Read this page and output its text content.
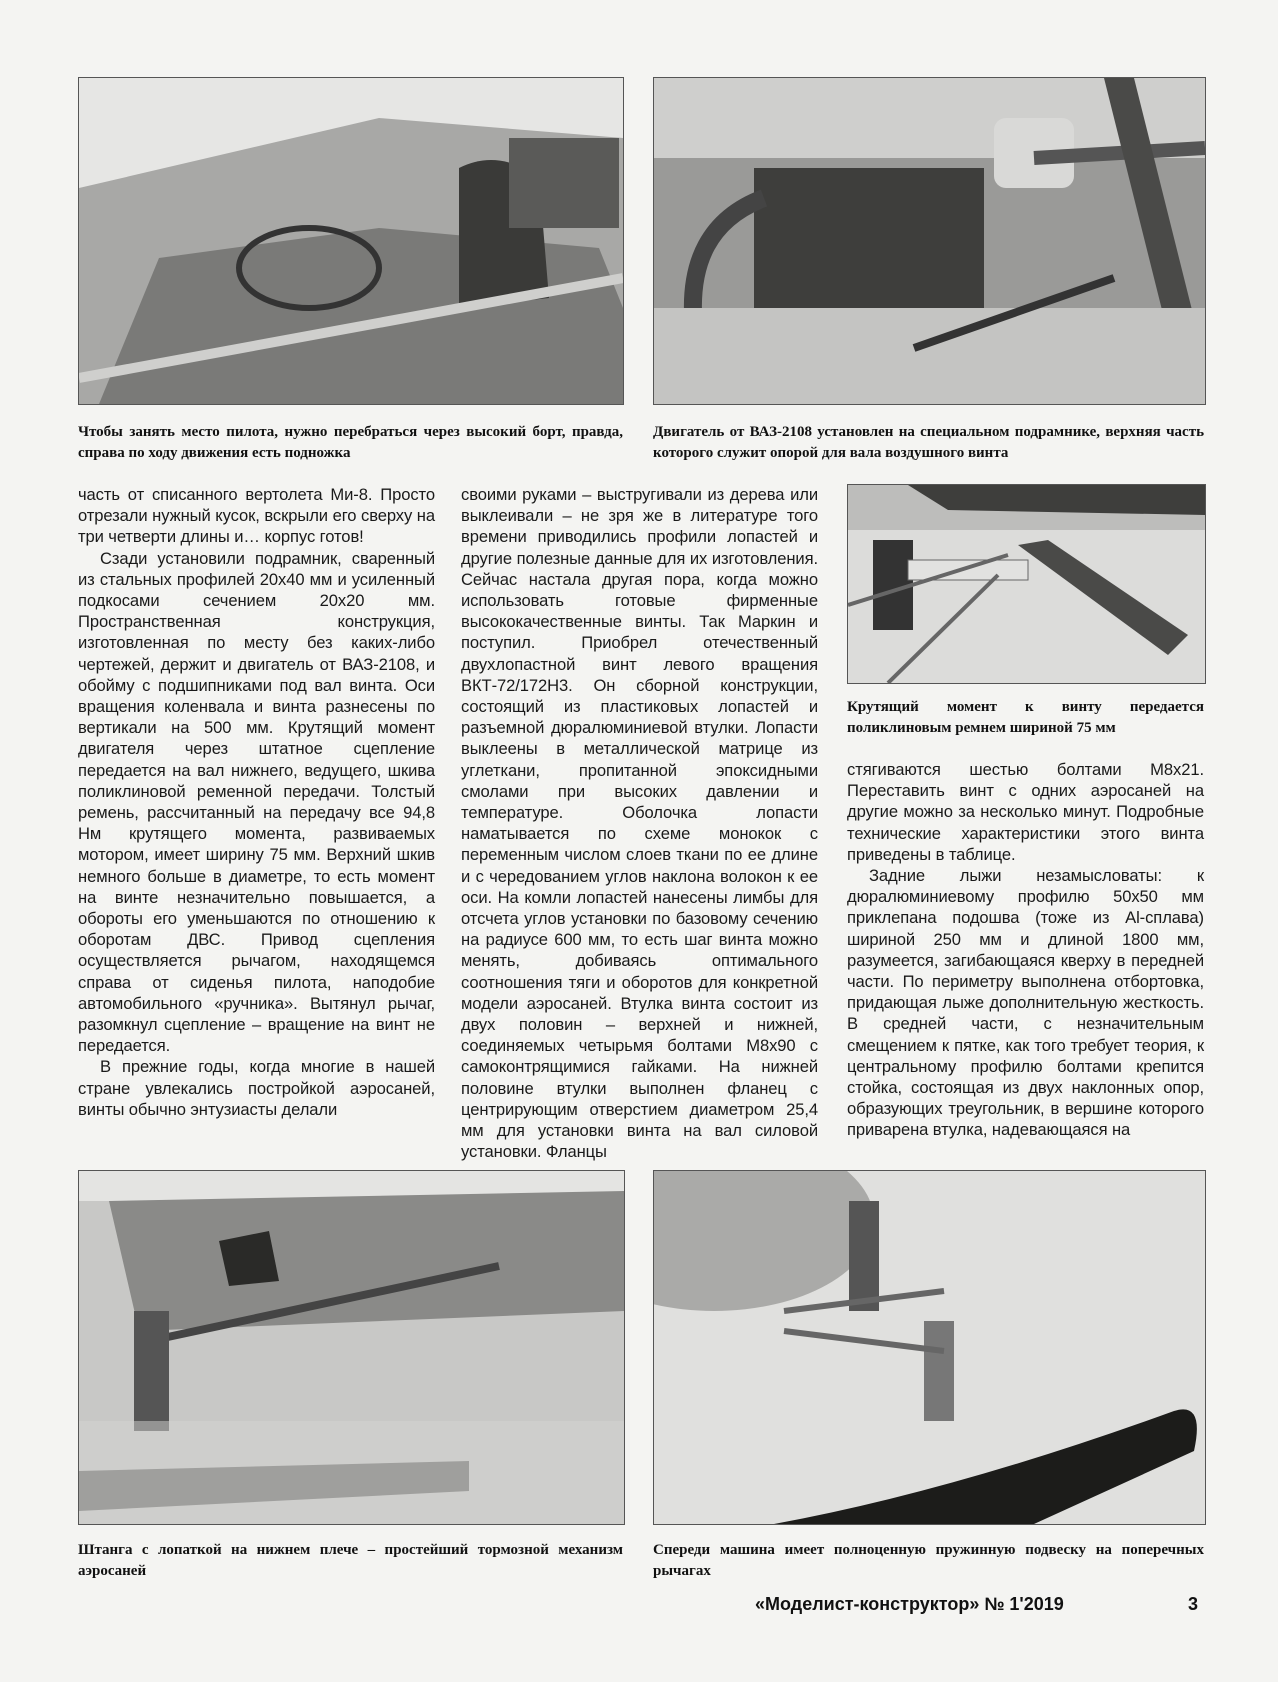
Чтобы занять место пилота, нужно перебраться через высокий борт, правда, справа по ходу движения есть подножка
Двигатель от ВАЗ-2108 установлен на специальном подрамнике, верхняя часть которого служит опорой для вала воздушного винта

часть от списанного вертолета Ми-8. Просто отрезали нужный кусок, вскрыли его сверху на три четверти длины и… корпус готов!

Сзади установили подрамник, сваренный из стальных профилей 20х40 мм и усиленный подкосами сечением 20х20 мм. Пространственная конструкция, изготовленная по месту без каких-либо чертежей, держит и двигатель от ВАЗ-2108, и обойму с подшипниками под вал винта. Оси вращения коленвала и винта разнесены по вертикали на 500 мм. Крутящий момент двигателя через штатное сцепление передается на вал нижнего, ведущего, шкива поликлиновой ременной передачи. Толстый ремень, рассчитанный на передачу все 94,8 Нм крутящего момента, развиваемых мотором, имеет ширину 75 мм. Верхний шкив немного больше в диаметре, то есть момент на винте незначительно повышается, а обороты его уменьшаются по отношению к оборотам ДВС. Привод сцепления осуществляется рычагом, находящемся справа от сиденья пилота, наподобие автомобильного «ручника». Вытянул рычаг, разомкнул сцепление – вращение на винт не передается.

В прежние годы, когда многие в нашей стране увлекались постройкой аэросаней, винты обычно энтузиасты делали

своими руками – выстругивали из дерева или выклеивали – не зря же в литературе того времени приводились профили лопастей и другие полезные данные для их изготовления. Сейчас настала другая пора, когда можно использовать готовые фирменные высококачественные винты. Так Маркин и поступил. Приобрел отечественный двухлопастной винт левого вращения ВКТ-72/172Н3. Он сборной конструкции, состоящий из пластиковых лопастей и разъемной дюралюминиевой втулки. Лопасти выклеены в металлической матрице из углеткани, пропитанной эпоксидными смолами при высоких давлении и температуре. Оболочка лопасти наматывается по схеме монокок с переменным числом слоев ткани по ее длине и с чередованием углов наклона волокон к ее оси. На комли лопастей нанесены лимбы для отсчета углов установки по базовому сечению на радиусе 600 мм, то есть шаг винта можно менять, добиваясь оптимального соотношения тяги и оборотов для конкретной модели аэросаней. Втулка винта состоит из двух половин – верхней и нижней, соединяемых четырьмя болтами М8х90 с самоконтрящимися гайками. На нижней половине втулки выполнен фланец с центрирующим отверстием диаметром 25,4 мм для установки винта на вал силовой установки. Фланцы

Крутящий момент к винту передается поликлиновым ремнем шириной 75 мм

стягиваются шестью болтами М8х21. Переставить винт с одних аэросаней на другие можно за несколько минут. Подробные технические характеристики этого винта приведены в таблице.

Задние лыжи незамысловаты: к дюралюминиевому профилю 50х50 мм приклепана подошва (тоже из Al-сплава) шириной 250 мм и длиной 1800 мм, разумеется, загибающаяся кверху в передней части. По периметру выполнена отбортовка, придающая лыже дополнительную жесткость. В средней части, с незначительным смещением к пятке, как того требует теория, к центральному профилю болтами крепится стойка, состоящая из двух наклонных опор, образующих треугольник, в вершине которого приварена втулка, надевающаяся на

Штанга с лопаткой на нижнем плече – простейший тормозной механизм аэросаней
Спереди машина имеет полноценную пружинную подвеску на поперечных рычагах
«Моделист-конструктор» № 1'2019	3
